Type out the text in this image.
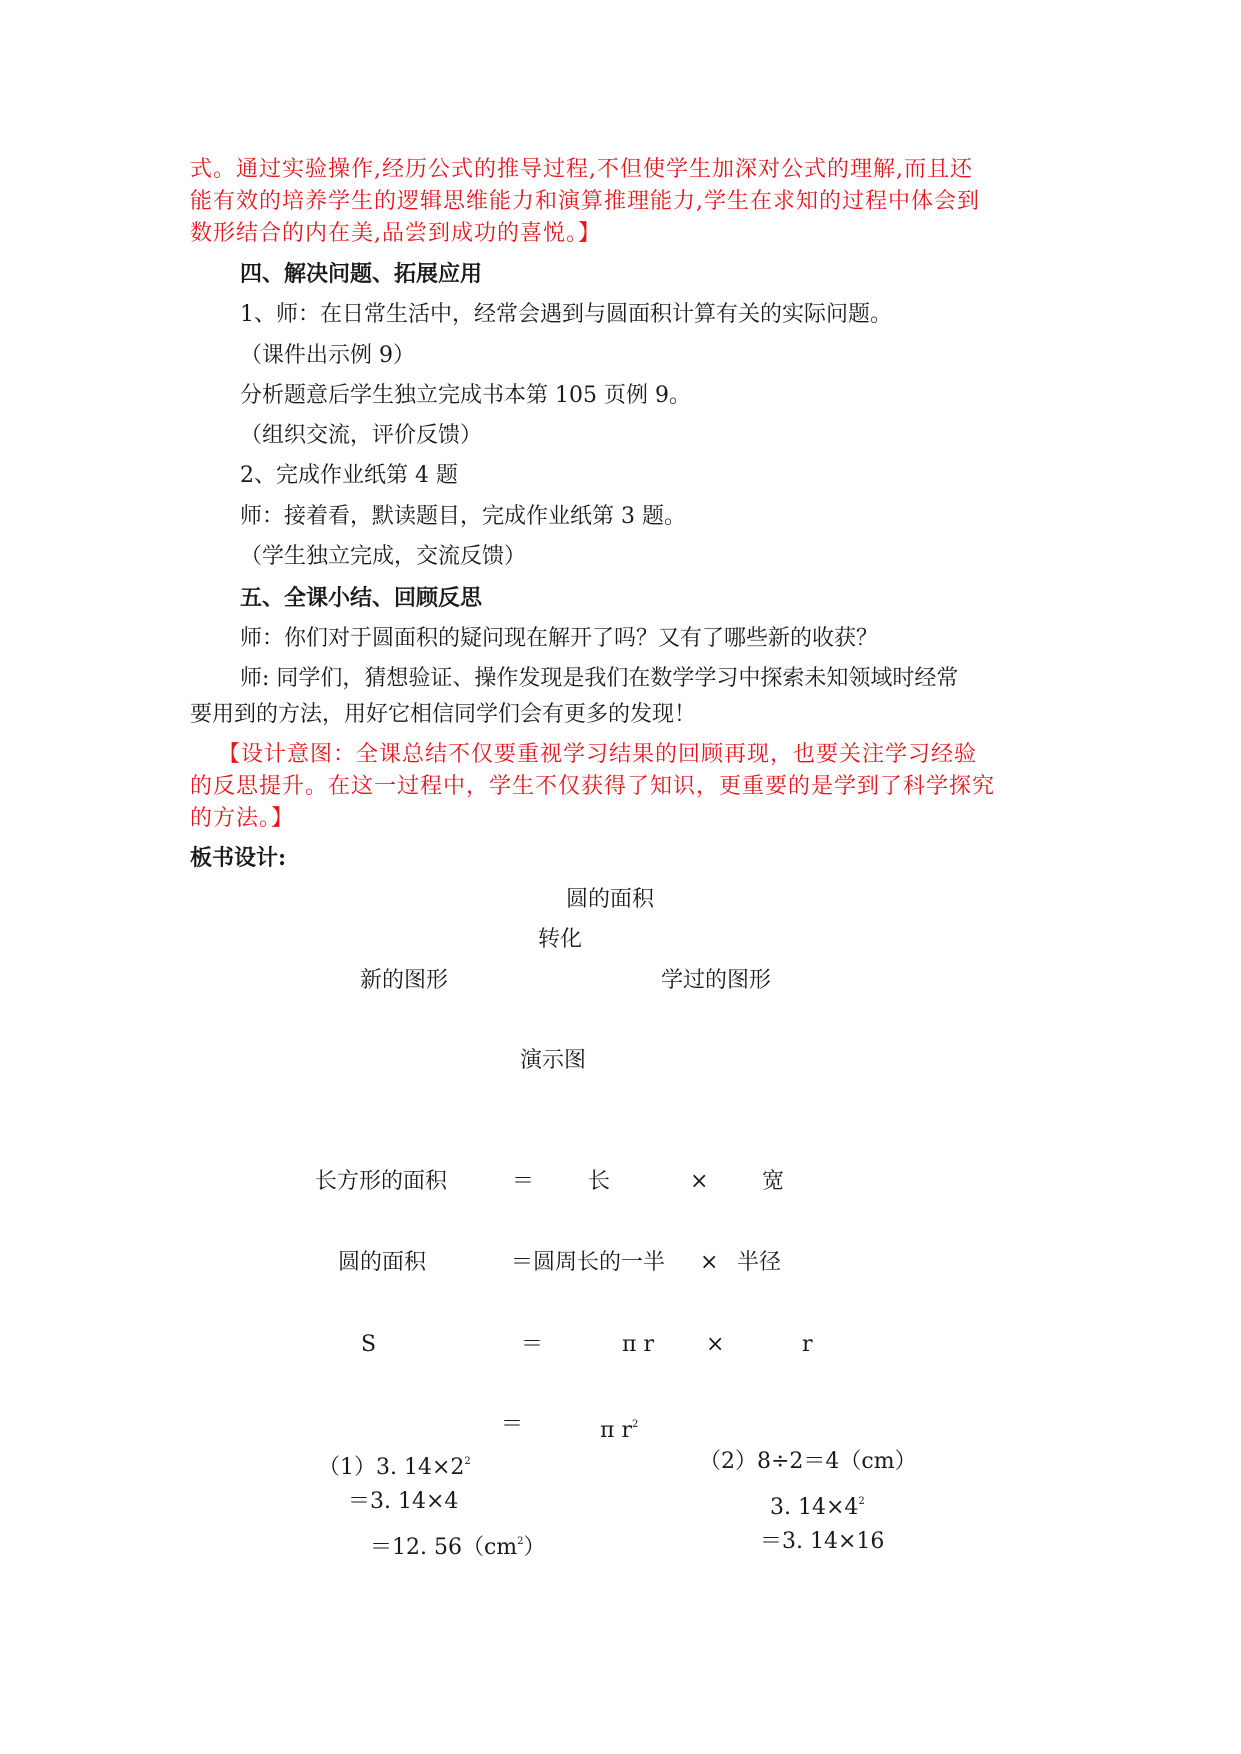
式。通过实验操作,经历公式的推导过程,不但使学生加深对公式的理解,而且还
能有效的培养学生的逻辑思维能力和演算推理能力,学生在求知的过程中体会到
数形结合的内在美,品尝到成功的喜悦。】
四、解决问题、拓展应用
1、师：在日常生活中，经常会遇到与圆面积计算有关的实际问题。
（课件出示例 9）
分析题意后学生独立完成书本第 105 页例 9。
（组织交流，评价反馈）
2、完成作业纸第 4 题
师：接着看，默读题目，完成作业纸第 3 题。
（学生独立完成，交流反馈）
五、全课小结、回顾反思
师：你们对于圆面积的疑问现在解开了吗？又有了哪些新的收获？
师: 同学们，猜想验证、操作发现是我们在数学学习中探索未知领域时经常
要用到的方法，用好它相信同学们会有更多的发现！
【设计意图：全课总结不仅要重视学习结果的回顾再现，也要关注学习经验
的反思提升。在这一过程中，学生不仅获得了知识，更重要的是学到了科学探究
的方法。】
板书设计:
圆的面积
转化
新的图形	学过的图形
演示图
长方形的面积	＝ 长	× 宽
圆的面积	＝圆周长的一半 × 半径
S	＝	π r ×	r
＝	π $r^2$
（1）3. $14\times 2^2$
＝3. 14×4
＝12. $56(cm^2)$
（2）8÷2＝4（cm）
3. $14\times 4^2$
＝3. 14×16
